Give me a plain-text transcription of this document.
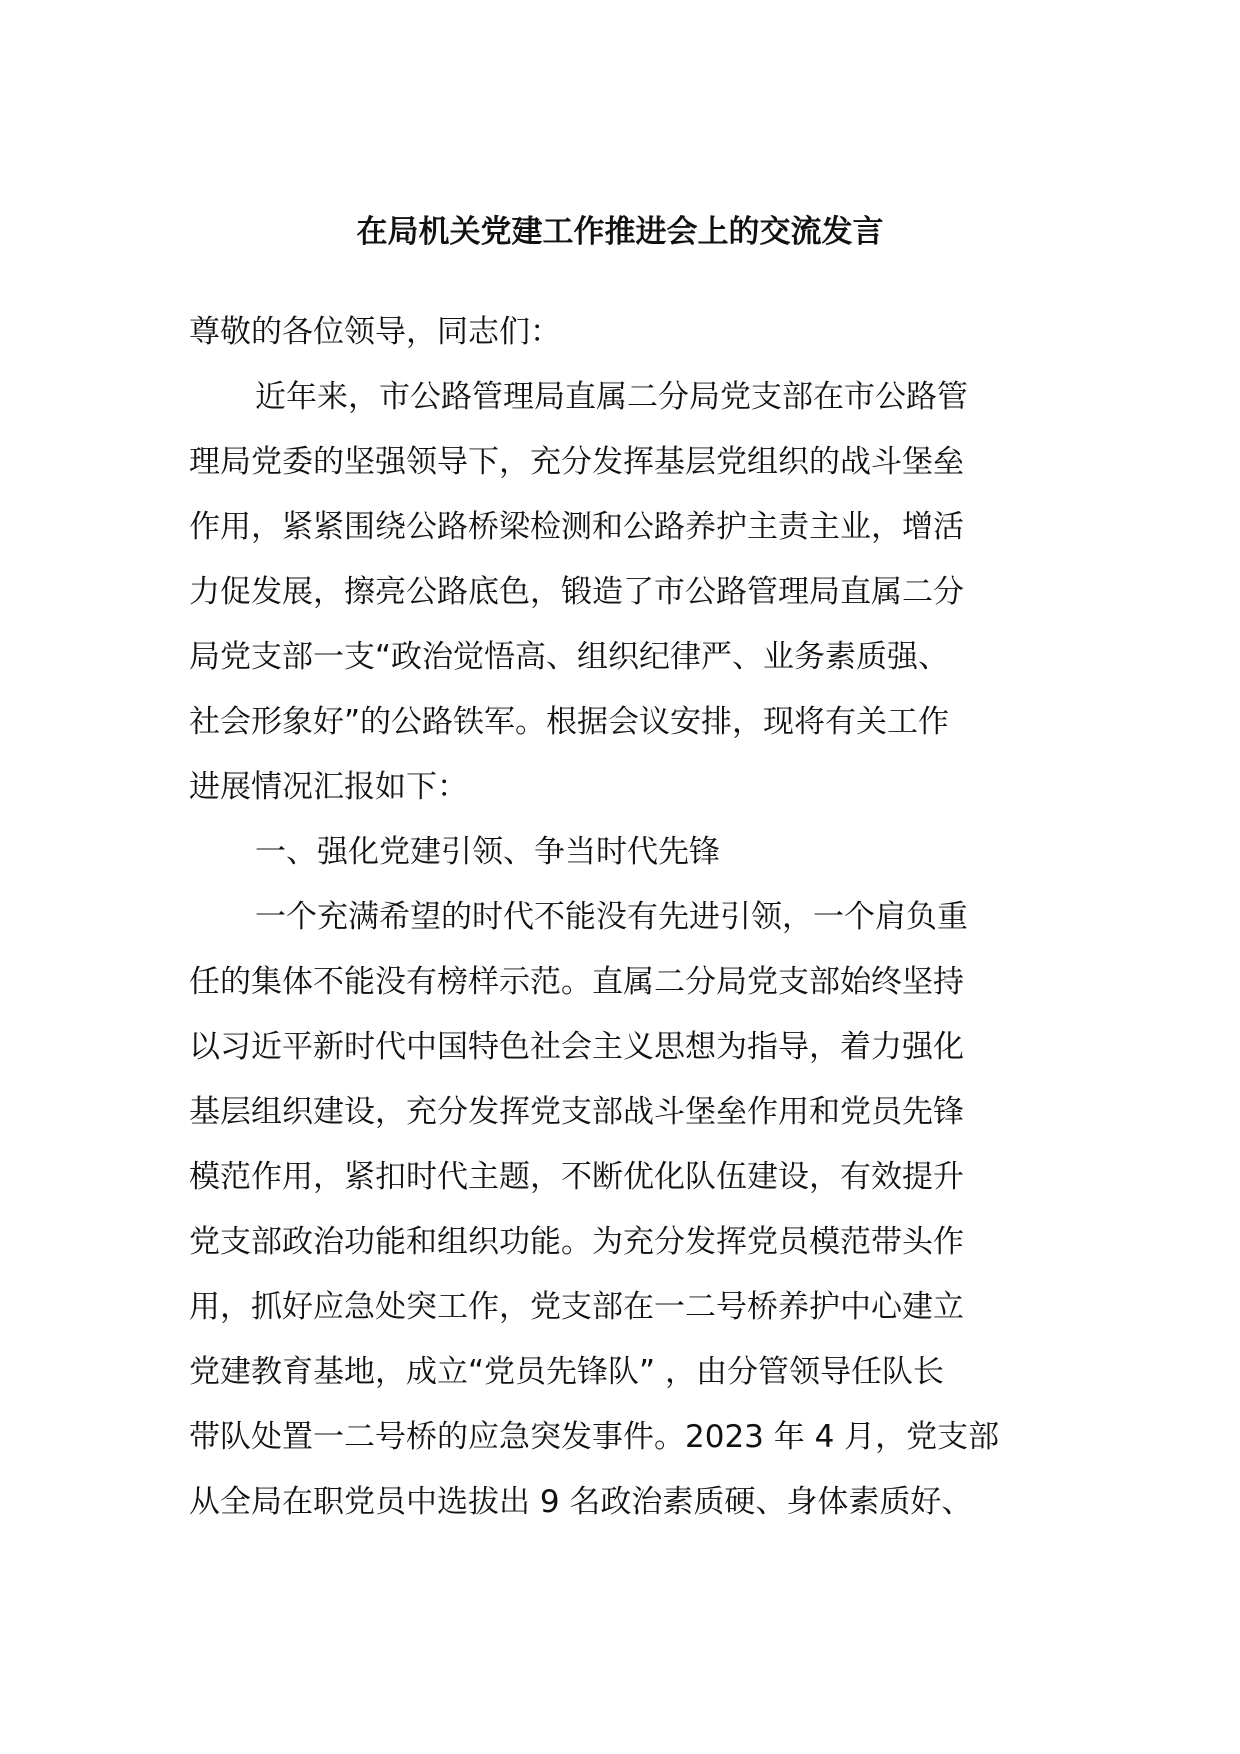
在局机关党建工作推进会上的交流发言
尊敬的各位领导，同志们：
近年来，市公路管理局直属二分局党支部在市公路管
理局党委的坚强领导下，充分发挥基层党组织的战斗堡垒
作用，紧紧围绕公路桥梁检测和公路养护主责主业，增活
力促发展，擦亮公路底色，锻造了市公路管理局直属二分
局党支部一支“政治觉悟高、组织纪律严、业务素质强、
社会形象好”的公路铁军。根据会议安排，现将有关工作
进展情况汇报如下：
一、强化党建引领、争当时代先锋
一个充满希望的时代不能没有先进引领，一个肩负重
任的集体不能没有榜样示范。直属二分局党支部始终坚持
以习近平新时代中国特色社会主义思想为指导，着力强化
基层组织建设，充分发挥党支部战斗堡垒作用和党员先锋
模范作用，紧扣时代主题，不断优化队伍建设，有效提升
党支部政治功能和组织功能。为充分发挥党员模范带头作
用，抓好应急处突工作，党支部在一二号桥养护中心建立
党建教育基地，成立“党员先锋队” ，由分管领导任队长
带队处置一二号桥的应急突发事件。2023 年 4 月，党支部
从全局在职党员中选拔出 9 名政治素质硬、身体素质好、
